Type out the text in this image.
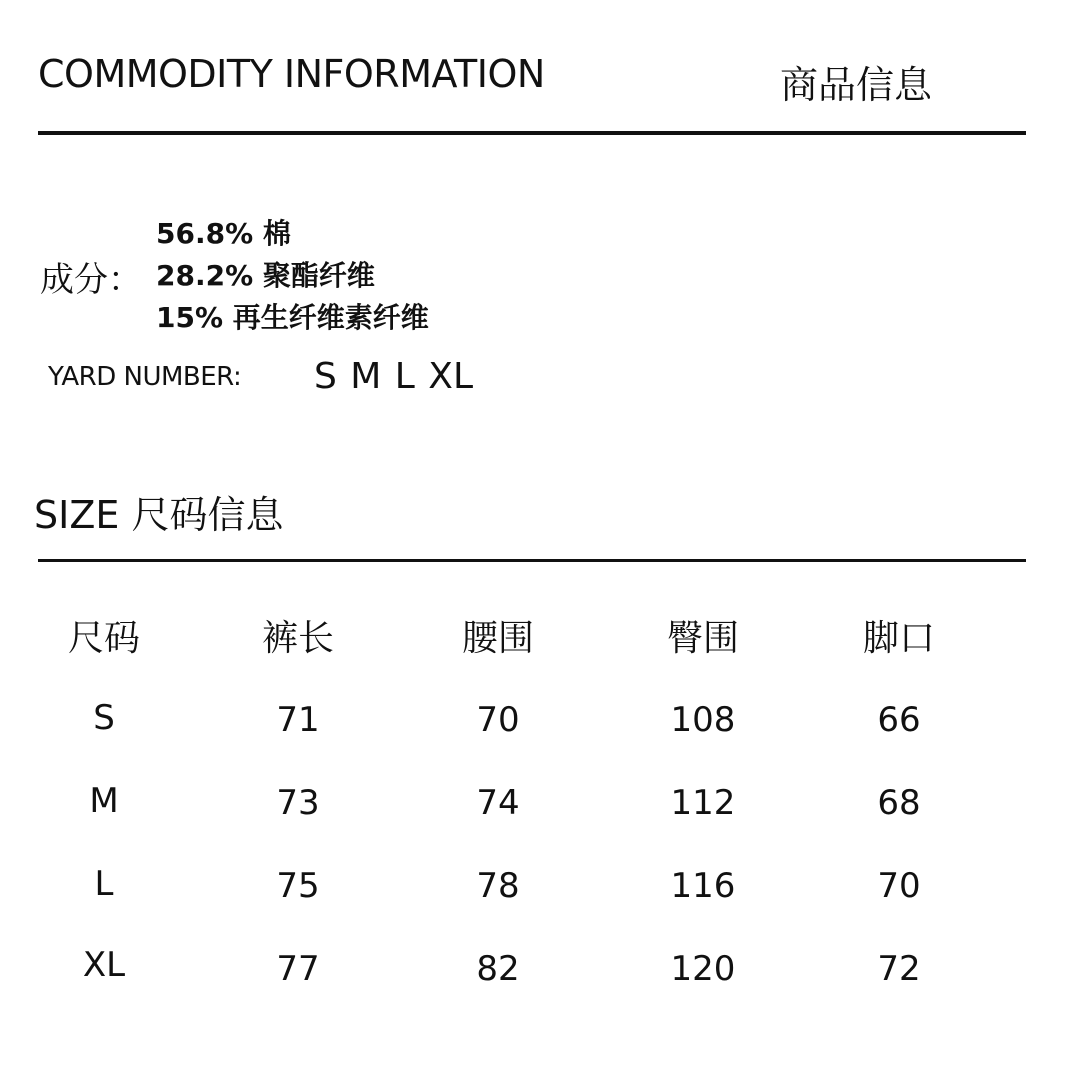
COMMODITY INFORMATION	商品信息
成分：
56.8% 棉
28.2% 聚酯纤维
15% 再生纤维素纤维
YARD NUMBER: S M L XL
SIZE 尺码信息
尺码	裤长	腰围	臀围	脚口
S	71	70	108	66
M	73	74	112	68
L	75	78	116	70
XL	77	82	120	72
